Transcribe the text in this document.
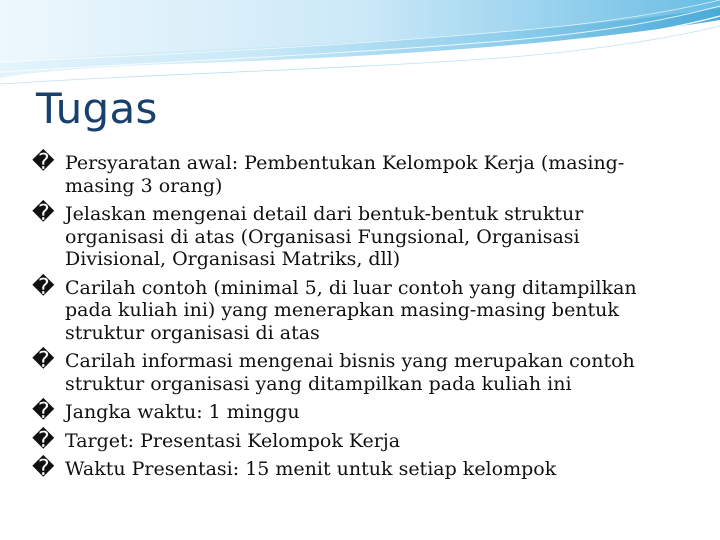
Tugas
� Persyaratan awal: Pembentukan Kelompok Kerja (masing-masing 3 orang)
� Jelaskan mengenai detail dari bentuk-bentuk struktur organisasi di atas (Organisasi Fungsional, Organisasi Divisional, Organisasi Matriks, dll)
� Carilah contoh (minimal 5, di luar contoh yang ditampilkan pada kuliah ini) yang menerapkan masing-masing bentuk struktur organisasi di atas
� Carilah informasi mengenai bisnis yang merupakan contoh struktur organisasi yang ditampilkan pada kuliah ini
� Jangka waktu: 1 minggu
� Target: Presentasi Kelompok Kerja
� Waktu Presentasi: 15 menit untuk setiap kelompok
